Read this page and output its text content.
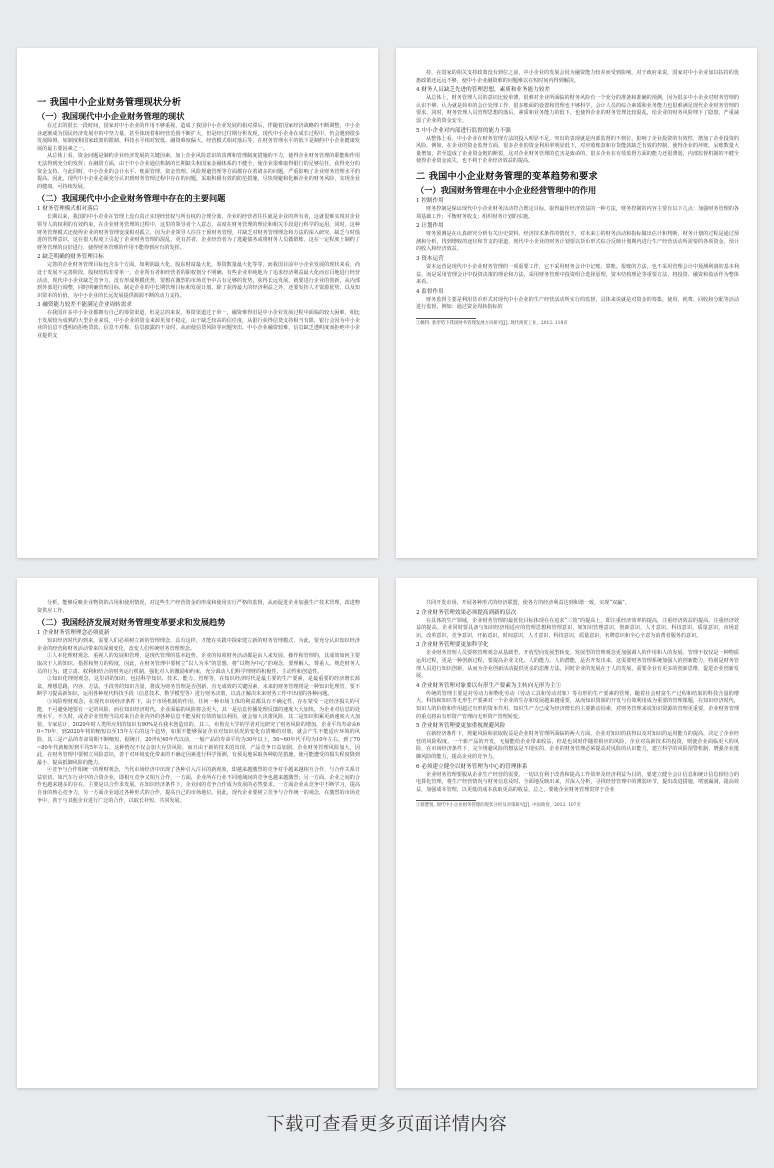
一 我国中小企业财务管理现状分析
（一）我国现代中小企业财务管理的现状
在过去的很长一段时间，国家对中小企业的作用不够重视，造成了我国中小企业发展的相对滞后，伴随着国家经济战略的不断调整，中小企业逐渐成为国民经济发展中的中坚力量，甚至体现着和经营范围不断扩大，但是经过付期分析发现，现代中小企业在成长过程中，仍会遇到很多发展障碍，如制度和国家政策的限制、科技水平相对较低、融资难度偏大、经营模式相对落后等，在财务管理水平的低下是制约中小企业健康发展的最主要因素之一。
从总体上看，资金问题是制约企业经济发展的关键因素，加上企业风险意识的淡薄和管理制度措施的不力，使得企业财务管理的职能和作用无法得到充分的发挥；在融资方面，由于中小企业通信机制的长期缺失和国家金融体系的不健全，使企业很难取得银行的足够信任，获得充分的资金支持，与此同时，中小企业的会计水平、账面管理、资金管理、风险规避管理等方面都存在着诸多的问题，严重影响了企业财务管理水平的提高。因此，现代中小企业必须充分认识到财务管理过程中存在的问题，采取积极有效的防范措施，尽快规避和化解企业的财务风险，实现企业的健康、可持续发展。
（二）我国现代中小企业财务管理中存在的主要问题
1 财务管理模式相对落后
长期以来，我国的中小企业在管理上没有真正实现经营权与所有权的合理分离，企业的经营者往往就是企业的所有者，这就很难实现对企业领导人的权利的有效约束，在企业财务管理的过程中，这里的领导者个人意志，高度在财务管理的理论和相关手段进行科学的运用。同时，这种财务管理模式还使得企业的财务管理变成相对孤立，因为企业领导人往往干预财务管理，并缺乏对财务管理理念和方法的深入研究，缺乏与时俱进的管理意识，这在很大程度上引起了企业财务管理的混乱，更有甚者，企业经营者为了逃避债务或将财务人员做假账，这在一定程度上制约了财务管理的良好进行，使得财务管理的作用不能得到应有的发挥。
2 缺乏明确的财务管理目标
完善的企业财务管理目标包含多个方面，如利润最大化、股东财富最大化、筹资数量最大化等等，而我国目前中小企业发展的现状来看，尚处于发展不完善阶段，股权结构非常单一，企业所有者和经营者的职权划分不明确，有些企业单纯地为了追求经济利益最大化而盲目地进行经营活动，现代中小企业缺乏竞争力，没有形成规模优势，要想在激烈的市场竞争中占有足够的优势，获得长远发展，就要进行企业的创新，从内部到外部进行调整，同时明确管理目标，制定企业的中长期管理目标和发展计划，除了获得最大的经济利益之外，还要发挥人才资源优势，以及知识资本的价值，为中小企业的长远发展提供源源不断的动力支持。
3 融资能力较差不能满足企业周转需求
在我国许多中小企业都拥有自己的筹资渠道，但是总的来说，筹资渠道过于单一，融资难得旧是中小企业发展过程中面临的较大困难，相比于发展较为成熟的大型企业来说，中小企业的资金来源更加不稳定，由于缺乏较高的信任度，从银行获得信贷支持相当有限，银行会因为中小企业的信息不透明而拒绝贷款，信息不对称，信息披露的不及时，从而使信贷风险等问题突出，中小企业融资较难，信息缺乏透明度而拒绝中小企业提供支
持，在国家的相关支持政策没有到位之前，中小企业的发展会因为融资能力较差而受到影响，对于政府来说，国家对中小企业加以扶持的优惠政策还远远不够，使中小企业融资难的问题难以在短时间内得到解决。
4 财务人员缺乏先进的管理思想，素质和业务能力较差
从总体上，财务管理人员的意识比较单薄，很难对企业所面临的财务风险有一个充分的准备和准确的预测，因为很多中小企业对财务管理的认识不够，认为就是简单的会计处理工作，很多账面的设置和管理也不够科学，会计人员的综合素质和业务能力也很难满足现代企业财务管理的要求，同时，财务管理人员管理思想的落后，素质和业务能力的低下，也使得企业的财务管理比较混乱，给企业的财务风险埋下了隐患，严重减弱了企业的资金安全。
5 中小企业对内部进行监督的能力不强
从整体上看，中小企业在财务管理方法的投入明显不足，突出的表现就是内部监督的不到位，影响了企业投资的有效性，增加了企业投资的风险。例如，在企业的资金监督方面，很多企业的资金利用率明显低下，对应收账款和存货能款缺乏有效的控制，使得企业的坏账、呆账数量大量增加，甚至造成了企业资金链的断裂，这对企业财务管理的危害是致命的，很多企业在有效监督方面的能力还很薄弱，内部监督机制的不健全使得企业资金流失，也不利于企业经济效益的提高。
二 我国中小企业财务管理的变革趋势和要求
（一）我国财务管理在中小企业经营管理中的作用
1 控制作用
财务控制是保证现代中小企业财务活动符合既定目标，取得最佳经济效益的一种方法，财务控制的内容主要有以下几点：加强财务管理的各项基础工作；平衡财务收支；组织财务计划的实施。
2 计划作用
财务预测是在认真研究分析有关历史资料、经济技术条件的情况下，对未来①的财务活动和指标做出估计和判断，财务计划的过程是通过预测和分析，找到增收的途径和节支的渠道，现代中小企业的财务计划要以货币形式综合反映计划期内进行生产经营活动所需要的各项资金、预计的收入和经济效益。
3 资本运营
资本运营是现代中小企业财务管理的一项重要工作，它不采用财务会计中记账、算账、报账的方法，也不采用管理会计中预测利润的基本利益，而是采用管理会计中投资决策的理论和方法，采用财务管理中投资组合选择原理，资本结构理论等重要方法，将投资、融资和盈活作为整体来看。
4 监督作用
财务监督主要是利用货币形式对现代中小企业的生产经营活动所实行的监督，具体来说就是对资金的筹集、使用、耗费、回收和分配等活动进行监督。例如：通过资金周转指标的
①姚特. 新形势下我国财务管理发展方向研究[J]. 现代商贸工业，2012. 118页
分析，能够反映企业物资的占用和使用情况，对这些生产经营资金的形成和使用实行严格的监督，从而促进企业加强生产技术管理，改进物资供应工作。
（二）我国经济发展对财务管理变革要求和发展趋势
1 企业财务管理理念必须更新
知识经济时代的到来，需要人们必须树立新的管理理念，具有这样，才能在实践中探索建立新的财务管理模式，为此，要充分认识知识经济企业的经营和财务活动带来的深刻变化，改变人们传统财务管理理念。
①人本化理财观念，重视人的发展和管理，是现代管理的基本趋势。企业的每项财务活动都是由人来发展、操作和管理的，其成效如何主要取决于人的知识、指挥和努力的程度，因此，在财务管理中要树立“以人为本”的思想，将“以物为中心”的观念，要理解人、尊重人、规范财务人员的行为，建立责、权利和结合的财务运行机制，强化对人的激励和约束，充分调动人们科学理财的积极性、主动性和创造性。
②知识化理财观念，这里讲的知识，包括科学知识、技术、能力、管理等，在知识经济时代是最主要的生产要素，是最重要的经济增长源泉，理想思路，内容，方法，手段等的知识含量，将成为财务管理是否创新，有无成效的关键因素，未来的财务管理将是一种知识化理管，要不断学习提高新知识，运用各种现代科技手段（信息技术、数学模型等）进行财务决策，以真正解决未来财务工作中出现的各种问题。
③风险理财观念，在现代市场经济条件下，由于市场机制的作用，任何一种市场主体的利益都具有不确定性，存在蒙受一定经济损失的可能，不可避免地要有一定的风险，而在知识经济时代，企业面临的风险将会更大，其一是信息传播处理反馈的速度大大加快，为企业对信息的处理水平，不久时，或者企业管理当局对来自企业内外的各种信息不能及时有效的加以利用，就会加大决策风险，其二是知识积累更新速度大大加快，专家估计，2020年时人类所应用的知识有90%是在我未创造出的。其三，布鲁克大学的学者对比研究了财务风险的增加，企业平均寿命从60~70年，到2020年将的缩短以至15年左右的这个趋势，如果不能够保证企业对知识状况的变化有清晰的对策，就会产生不能适应环境的风险，其三是产品的寿命周期不断缩短，据统计，20世纪40年代以前，一般产品的寿命平均为30年以上，50~60年代平均为10年左右，到了70~80年代就缩短到平均5年左右。这种情况不仅会加大存货风险，而且由于新的技术的出现，产品竞争日益加剧，企业财务管理风险加大，因此，在财务管理中要树立风险意识，善于对环境变化带来的不确定因素进行科学预测，有预见地采取各种防范措施，使可能遭受的损失程度降到最小，提高抵御风险的能力。
④竞争与合作相统一的理财观念，当代市场经济中出现了各种引入注目的新现象，即越来越激烈的竞争对手越来越相互合作，与合作关系日益密切。如汽车行业中的合资企业，即相互竞争又相互合作，一方面，企业所在行业不同地域间的竞争也越来越激烈；另一方面，企业之间的合作也越来越多的存在。主要是以合作求发展。在知识经济条件下，企业间的竞争合作成为发展的必然要求。一方面企业从竞争中不断学习，提高自身的核心竞争力，另一方面企业通过各种形式的合作，提高自己的市场地位。因此，现代企业要树立竞争与合作统一的观念，在激烈的市场竞争中，善于与其他企业进行广泛的合作，以取长补短，共同发展。
共同开发市场，开展各种形式的经济联盟，使各方的经济利益达到和谐一致，实现“双赢”。
2 企业财务管理效果必须提高到新的层次
在具体的生产领域，企业财务管理的最优化目标体现在在追求“三效”的提高上，即注重经济效率的提高，注重经济效益的提高，注重经济效益的提高。企业同时要具备与知识经济相适应的管理思想和管理意识，如知识管理意识，创新意识，人才意识，科技意识，质量意识，市场意识，改革意识，竞争意识，开拓意识，时间意识，人才意识，科技意识，质量意识，名牌意识和全心全意为消费者服务的意识。
3 企业财务管理要更加科学化
企业财务管理人员要将管理观念从基础型、开放型向发展型转变。发展型的管理观念更加强调人的作用和人的发展，管理不仅仅是一种物质运用过程，更是一种创新过程，要提高企业文化、人的能力、人的潜能，是否开发出来，这需要财务管理系统加强人的创新能力，特别是财务管理人员进行知识创新，从而为企业创新活动提供更多的思维方法，同时企业的发展在于人的发展，需要企业有更多的创新思维，促进企业创新发展。
4 企业财务管理对象要以有形生产要素为主转向无形为主①
传统的管理主要是对劳动力和物化劳动（劳动工具和劳动对象）等有形的生产要素的管理，随着社会财富生产过程和结果的科技含量的增大，科技和知识等无形生产要素对一个企业的生存和发展越来越重要，从而知识资源的开发与有效利用成为重要的管理课题，在知识经济时代，知识人的价值和作用超过有形的资本作用，知识生产力已成为经济增长的主要推动因素，对财务管理来说知识资源的管理更重要，企业财务管理的重点将由有形资产管理向无形资产管理转变。
5 企业财务管理要更加重视规避风险
在新经济条件下，规避风险和获取收益是企业财务管理所面临的两大方面，企业对知识的获得以及对知识的运用能力的提高，决定了企业经营的风险程度，一个新产品的开发，无疑能给企业带来收益，但是也同时伴随着相应的风险，企业对高新技术的投资，则使企业面临更大的风险，在市场经济条件下，完全规避风险的想法是不现实的，企业的财务管理必须提高对风险的认识能力，建立科学的风险预警机制，增强企业抵御风险的能力，提高企业的竞争力。
6 必须建立健全以财务管理为中心的管理体系
企业财务管理要服从企业生产经营的需要，一切以有利于改善和提高工作效率及经济利益为目的，要建立健全会计信息和统计信息相结合的电算化管理，将生产经营情况与财务信息及时、全面地反映出来，并深入分析，寻找经营管理中的薄弱环节，提出改进措施，堵塞漏洞，提高效益，加强成本管理，以更低的成本获取更高的收益，总之，要使企业财务管理贯穿于企业
①蔡楚悦. 现代中小企业财务管理的现状分析及对策研究[J]. 中国商贸，2012. 107页
下载可查看更多页面详情内容
